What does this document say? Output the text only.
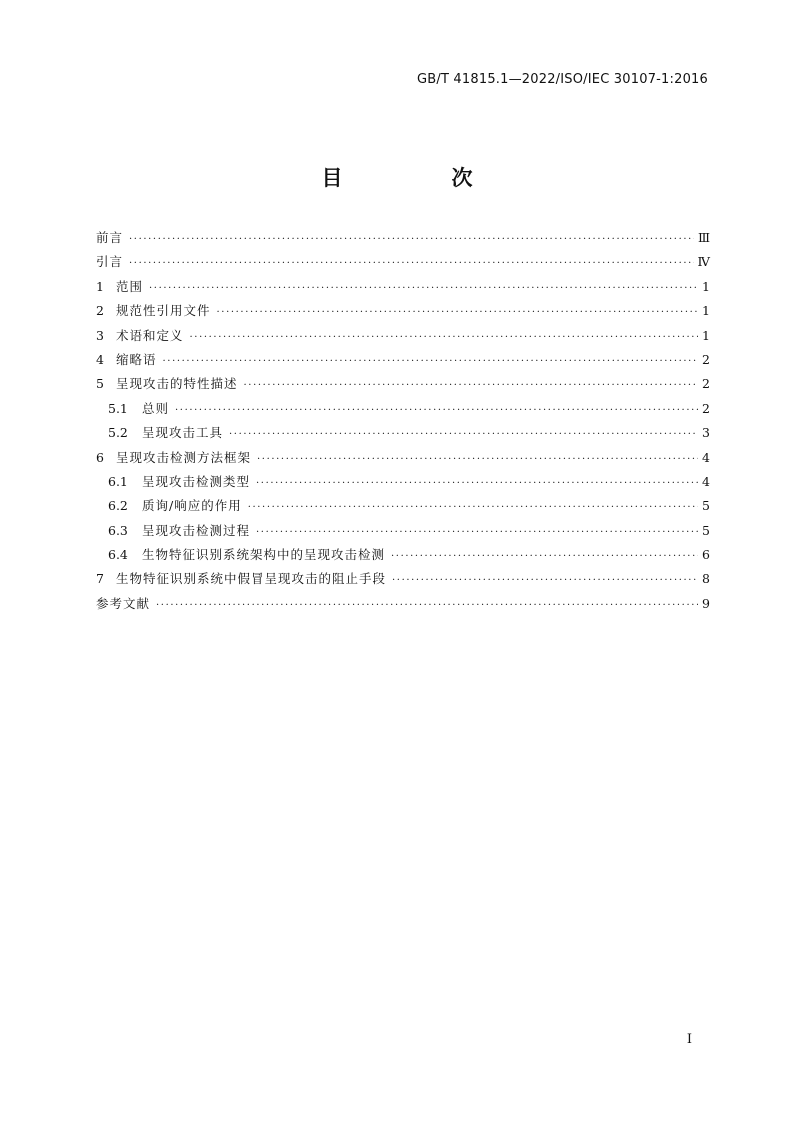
GB/T 41815.1—2022/ISO/IEC 30107-1:2016
目　次
前言 ·····	Ⅲ
引言 ·····	Ⅳ
1 范围 ·····	1
2 规范性引用文件 ·····	1
3 术语和定义 ·····	1
4 缩略语 ·····	2
5 呈现攻击的特性描述 ·····	2
5.1	总则 ·····	2
5.2	呈现攻击工具 ·····	3
6 呈现攻击检测方法框架 ·····	4
6.1	呈现攻击检测类型 ·····	4
6.2	质询/响应的作用 ·····	5
6.3	呈现攻击检测过程 ·····	5
6.4	生物特征识别系统架构中的呈现攻击检测 ·····	6
7 生物特征识别系统中假冒呈现攻击的阻止手段 ·····	8
参考文献 ·····	9
I
